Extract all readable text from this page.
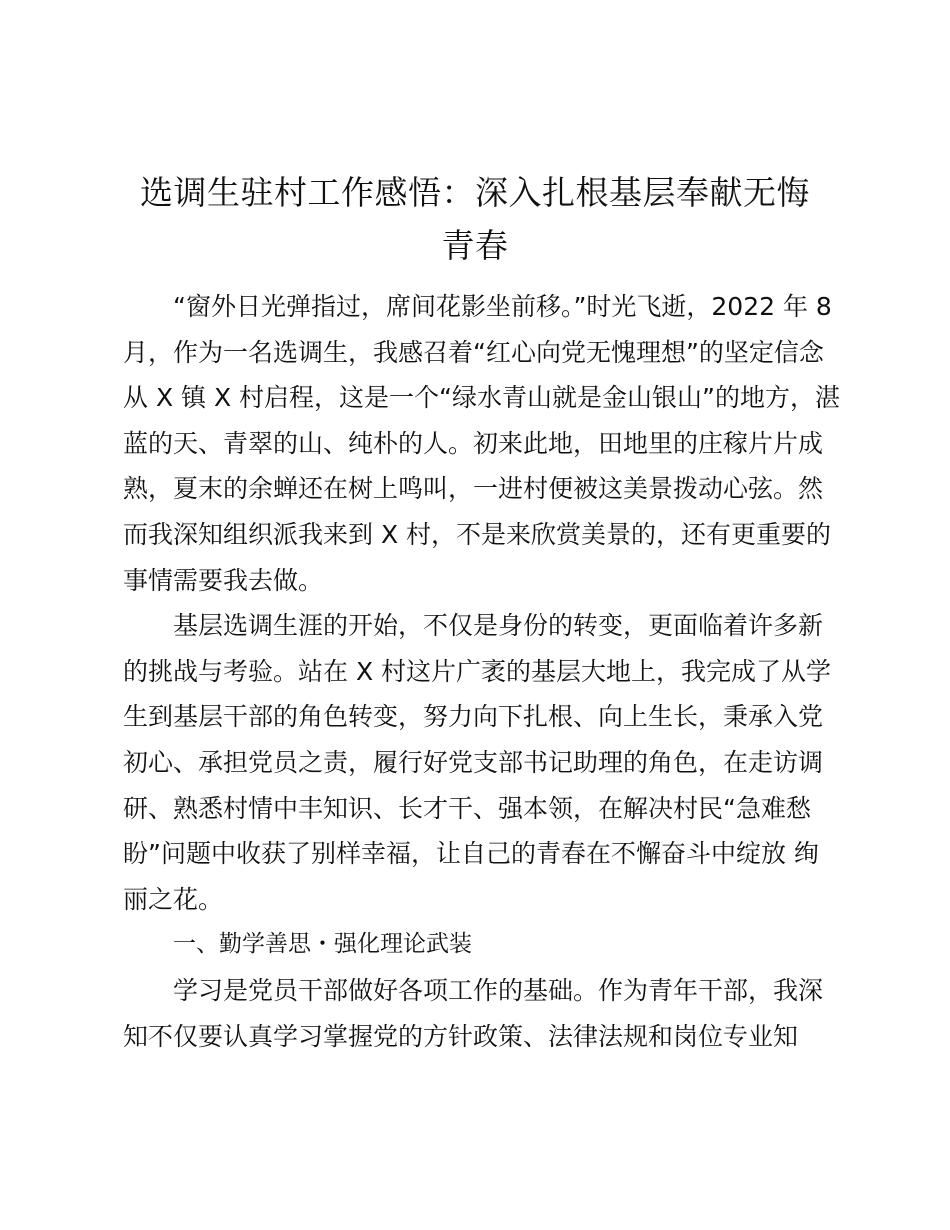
选调生驻村工作感悟：深入扎根基层奉献无悔
青春

“窗外日光弹指过，席间花影坐前移。”时光飞逝，2022 年 8
月，作为一名选调生，我感召着“红心向党无愧理想”的坚定信念
从 X 镇 X 村启程，这是一个“绿水青山就是金山银山”的地方，湛
蓝的天、青翠的山、纯朴的人。初来此地，田地里的庄稼片片成
熟，夏末的余蝉还在树上鸣叫，一进村便被这美景拨动心弦。然
而我深知组织派我来到 X 村，不是来欣赏美景的，还有更重要的
事情需要我去做。

基层选调生涯的开始，不仅是身份的转变，更面临着许多新
的挑战与考验。站在 X 村这片广袤的基层大地上，我完成了从学
生到基层干部的角色转变，努力向下扎根、向上生长，秉承入党
初心、承担党员之责，履行好党支部书记助理的角色，在走访调
研、熟悉村情中丰知识、长才干、强本领，在解决村民“急难愁
盼”问题中收获了别样幸福，让自己的青春在不懈奋斗中绽放 绚
丽之花。

一、勤学善思・强化理论武装

学习是党员干部做好各项工作的基础。作为青年干部，我深
知不仅要认真学习掌握党的方针政策、法律法规和岗位专业知
